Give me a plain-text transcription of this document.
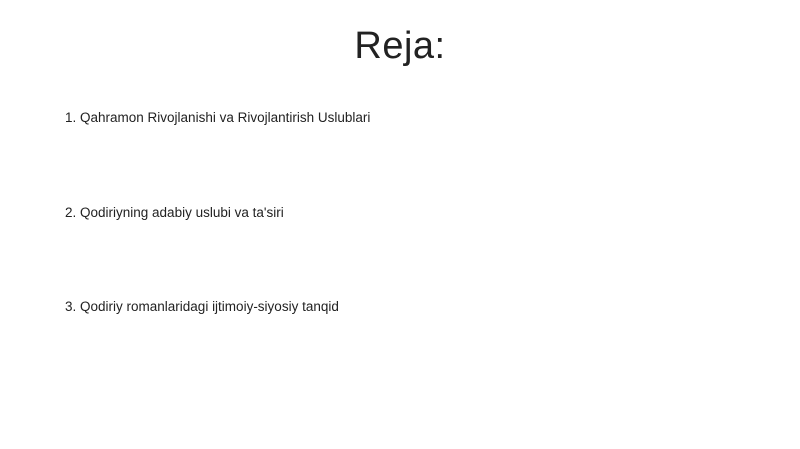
Reja:
1. Qahramon Rivojlanishi va Rivojlantirish Uslublari
2. Qodiriyning adabiy uslubi va ta'siri
3. Qodiriy romanlaridagi ijtimoiy-siyosiy tanqid
